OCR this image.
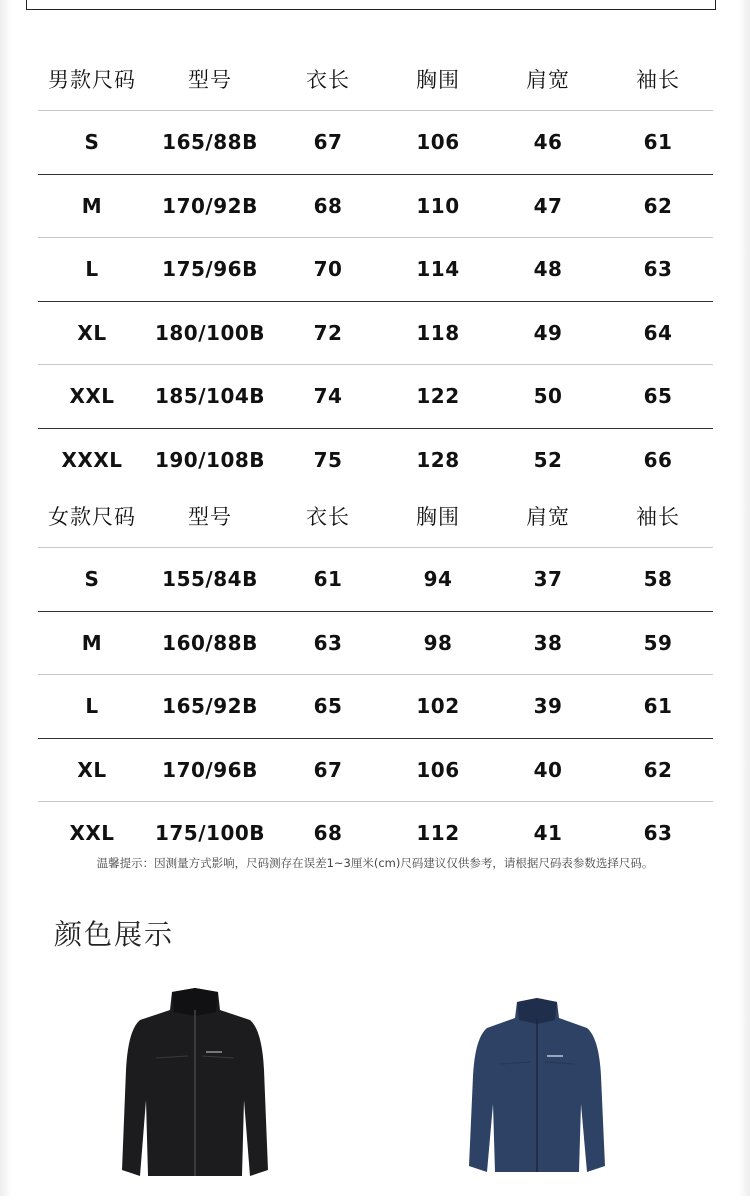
男款尺码 型号	衣长	胸围	肩宽	袖长
S	165/88B	67	106	46	61
M	170/92B	68	110	47	62
L	175/96B	70	114	48	63
XL 180/100B 72	118	49	64
XXL 185/104B 74	122	50	65
XXXL 190/108B 75	128	52	66
女款尺码 型号	衣长	胸围	肩宽	袖长
S	155/84B	61	94	37	58
M	160/88B	63	98	38	59
L	165/92B	65	102	39	61
XL	170/96B	67	106	40	62
XXL 175/100B 68	112	41	63
温馨提示：因测量方式影响，尺码测存在误差1~3厘米(cm)尺码建议仅供参考，请根据尺码表参数选择尺码。
颜色展示
